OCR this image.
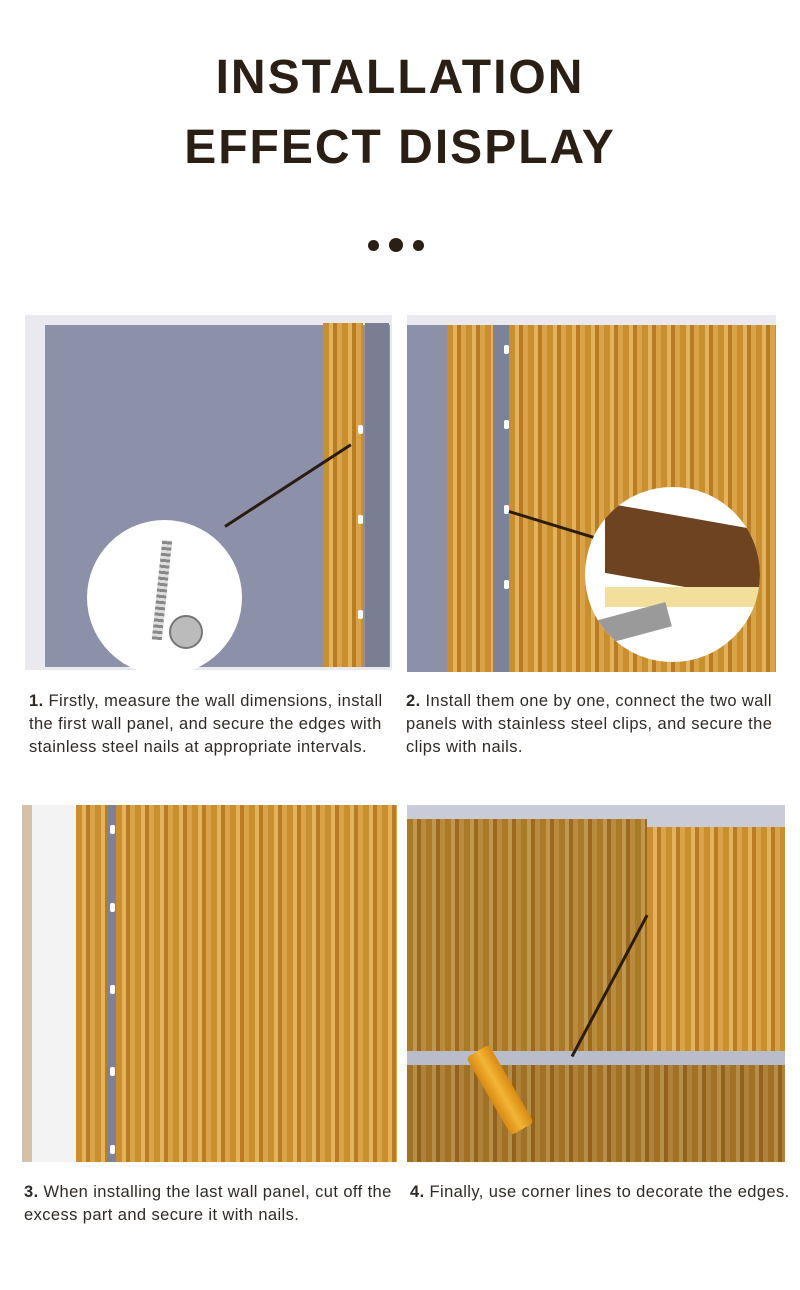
INSTALLATION
EFFECT DISPLAY
1. Firstly, measure the wall dimensions, install the first wall panel, and secure the edges with stainless steel nails at appropriate intervals.
2. Install them one by one, connect the two wall panels with stainless steel clips, and secure the clips with nails.
3. When installing the last wall panel, cut off the excess part and secure it with nails.
4. Finally, use corner lines to decorate the edges.
